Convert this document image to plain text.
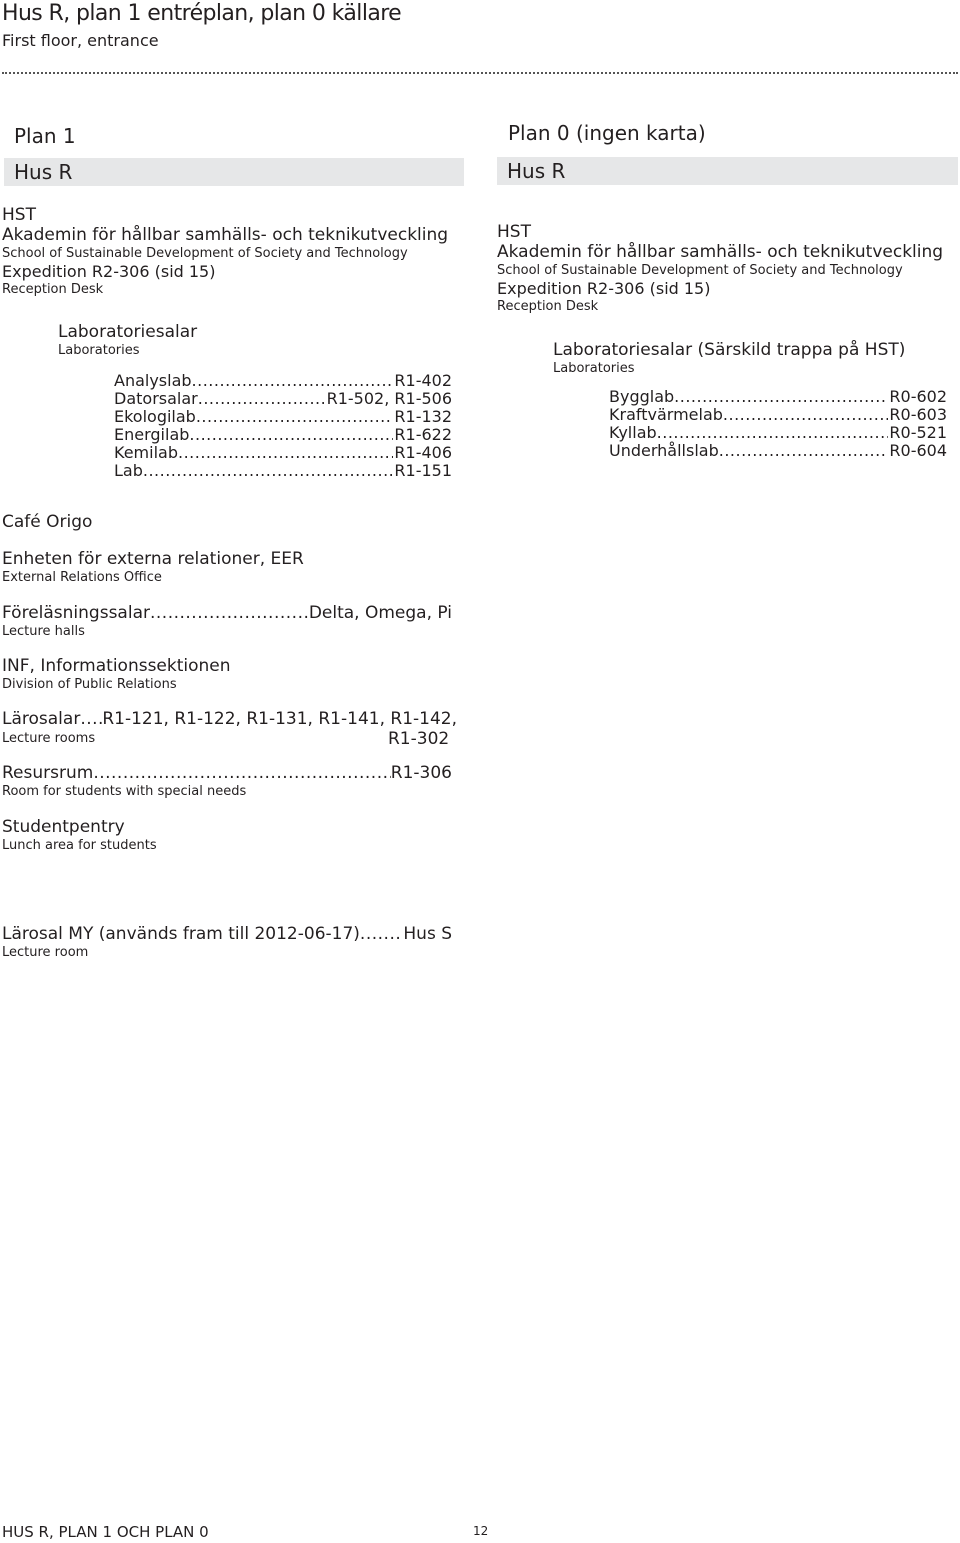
Hus R, plan 1 entréplan, plan 0 källare
First floor, entrance
Plan 1
Hus R
HST
Akademin för hållbar samhälls- och teknikutveckling
School of Sustainable Development of Society and Technology
Expedition R2-306 (sid 15)
Reception Desk
Laboratoriesalar
Laboratories
Analyslab .....	R1-402
Datorsalar .....	R1-502, R1-506
Ekologilab .....	R1-132
Energilab .....	R1-622
Kemilab .....	R1-406
Lab .....	R1-151
Café Origo
Enheten för externa relationer, EER
External Relations Office
Föreläsningssalar .....	Delta, Omega, Pi
Lecture halls
INF, Informationssektionen
Division of Public Relations
Lärosalar ..... R1-121, R1-122, R1-131, R1-141, R1-142,
Lecture rooms	R1-302
Resursrum .....	R1-306
Room for students with special needs
Studentpentry
Lunch area for students
Lärosal MY (används fram till 2012-06-17) .....	Hus S
Lecture room
Plan 0 (ingen karta)
Hus R
HST
Akademin för hållbar samhälls- och teknikutveckling
School of Sustainable Development of Society and Technology
Expedition R2-306 (sid 15)
Reception Desk
Laboratoriesalar (Särskild trappa på HST)
Laboratories
Bygglab .....	R0-602
Kraftvärmelab .....	R0-603
Kyllab .....	R0-521
Underhållslab .....	R0-604
HUS R, PLAN 1 OCH PLAN 0	12
